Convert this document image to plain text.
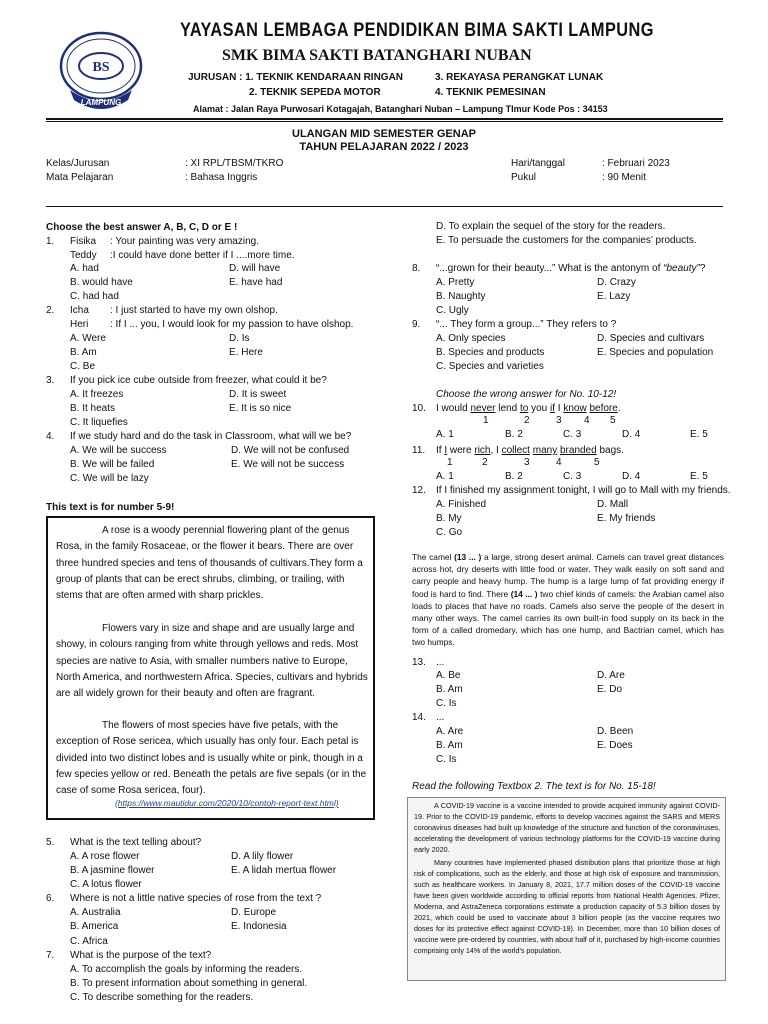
BS
LAMPUNG
YAYASAN LEMBAGA PENDIDIKAN BIMA SAKTI LAMPUNG
SMK BIMA SAKTI BATANGHARI NUBAN
JURUSAN : 1. TEKNIK KENDARAAN RINGAN	3. REKAYASA PERANGKAT LUNAK
2. TEKNIK SEPEDA MOTOR	4. TEKNIK PEMESINAN
Alamat : Jalan Raya Purwosari Kotagajah, Batanghari Nuban – Lampung TImur Kode Pos : 34153
ULANGAN MID SEMESTER GENAP
TAHUN PELAJARAN 2022 / 2023
Kelas/Jurusan	: XI RPL/TBSM/TKRO
Mata Pelajaran	: Bahasa Inggris
Hari/tanggal	: Februari 2023
Pukul	: 90 Menit
Choose the best answer A, B, C, D or E !
1. Fisika : Your painting was very amazing.
Teddy :I could have done better if I ....more time.
A. had	D. will have
B. would have	E. have had
C. had had
2. Icha : I just started to have my own olshop.
Heri : If I ... you, I would look for my passion to have olshop.
A. Were	D. Is
B. Am	E. Here
C. Be
3. If you pick ice cube outside from freezer, what could it be?
A. It freezes	D. It is sweet
B. It heats	E. It is so nice
C. It liquefies
4. If we study hard and do the task in Classroom, what will we be?
A. We will be success	D. We will not be confused
B. We will be failed	E. We will not be success
C. We will be lazy
This text is for number 5-9!
A rose is a woody perennial flowering plant of the genus Rosa, in the family Rosaceae, or the flower it bears. There are over three hundred species and tens of thousands of cultivars.They form a group of plants that can be erect shrubs, climbing, or trailing, with stems that are often armed with sharp prickles.
Flowers vary in size and shape and are usually large and showy, in colours ranging from white through yellows and reds. Most species are native to Asia, with smaller numbers native to Europe, North America, and northwestern Africa. Species, cultivars and hybrids are all widely grown for their beauty and often are fragrant.
The flowers of most species have five petals, with the exception of Rose sericea, which usually has only four. Each petal is divided into two distinct lobes and is usually white or pink, though in a few species yellow or red. Beneath the petals are five sepals (or in the case of some Rosa sericea, four).
(https://www.mautidur.com/2020/10/contoh-report-text.html)
5. What is the text telling about?
A. A rose flower	D. A lily flower
B. A jasmine flower	E. A lidah mertua flower
C. A lotus flower
6. Where is not a little native species of rose from the text ?
A. Australia	D. Europe
B. America	E. Indonesia
C. Africa
7. What is the purpose of the text?
A. To accomplish the goals by informing the readers.
B. To present information about something in general.
C. To describe something for the readers.
D. To explain the sequel of the story for the readers.
E. To persuade the customers for the companies’ products.
8. “...grown for their beauty...” What is the antonym of “beauty”?
A. Pretty	D. Crazy
B. Naughty	E. Lazy
C. Ugly
9. “... They form a group...” They refers to ?
A. Only species	D. Species and cultivars
B. Species and products	E. Species and population
C. Species and varieties
Choose the wrong answer for No. 10-12!
10. I would never lend to you if I know before.
1	2	3 4 5
A. 1	B. 2	C. 3	D. 4	E. 5
11. If I were rich, I collect many branded bags.
1	2	3	4	5
A. 1	B. 2	C. 3	D. 4	E. 5
12. If I finished my assignment tonight, I will go to Mall with my friends.
A. Finished	D. Mall
B. My	E. My friends
C. Go
The camel (13 ... ) a large, strong desert animal. Camels can travel great distances across hot, dry deserts with little food or water. They walk easily on soft sand and carry people and heavy hump. The hump is a large lump of fat providing energy if food is hard to find. There (14 ... ) two chief kinds of camels: the Arabian camel also loads to places that have no roads. Camels also serve the people of the desert in many other ways. The camel carries its own built-in food supply on its back in the form of a called dromedary, which has one hump, and Bactrian camel, which has two humps.
13. ...
A. Be	D. Are
B. Am	E. Do
C. Is
14. ...
A. Are	D. Been
B. Am	E. Does
C. Is
Read the following Textbox 2. The text is for No. 15-18!
A COVID-19 vaccine is a vaccine intended to provide acquired immunity against COVID-19. Prior to the COVID-19 pandemic, efforts to develop vaccines against the SARS and MERS coronavirus diseases had built up knowledge of the structure and function of the coronaviruses, accelerating the development of various technology platforms for the COVID-19 vaccine during early 2020.
Many countries have implemented phased distribution plans that prioritize those at high risk of complications, such as the elderly, and those at high risk of exposure and transmission, such as healthcare workers. In January 8, 2021, 17.7 million doses of the COVID-19 vaccine have been given worldwide according to official reports from National Health Agencies. Pfizer, Moderna, and AstraZeneca corporations estimate a production capacity of 5.3 billion doses by 2021, which could be used to vaccinate about 3 billion people (as the vaccine requires two doses for its protective effect against COVID-19). In December, more than 10 billion doses of vaccine were pre-ordered by countries, with about half of it, purchased by high-income countries comprising only 14% of the world's population.
